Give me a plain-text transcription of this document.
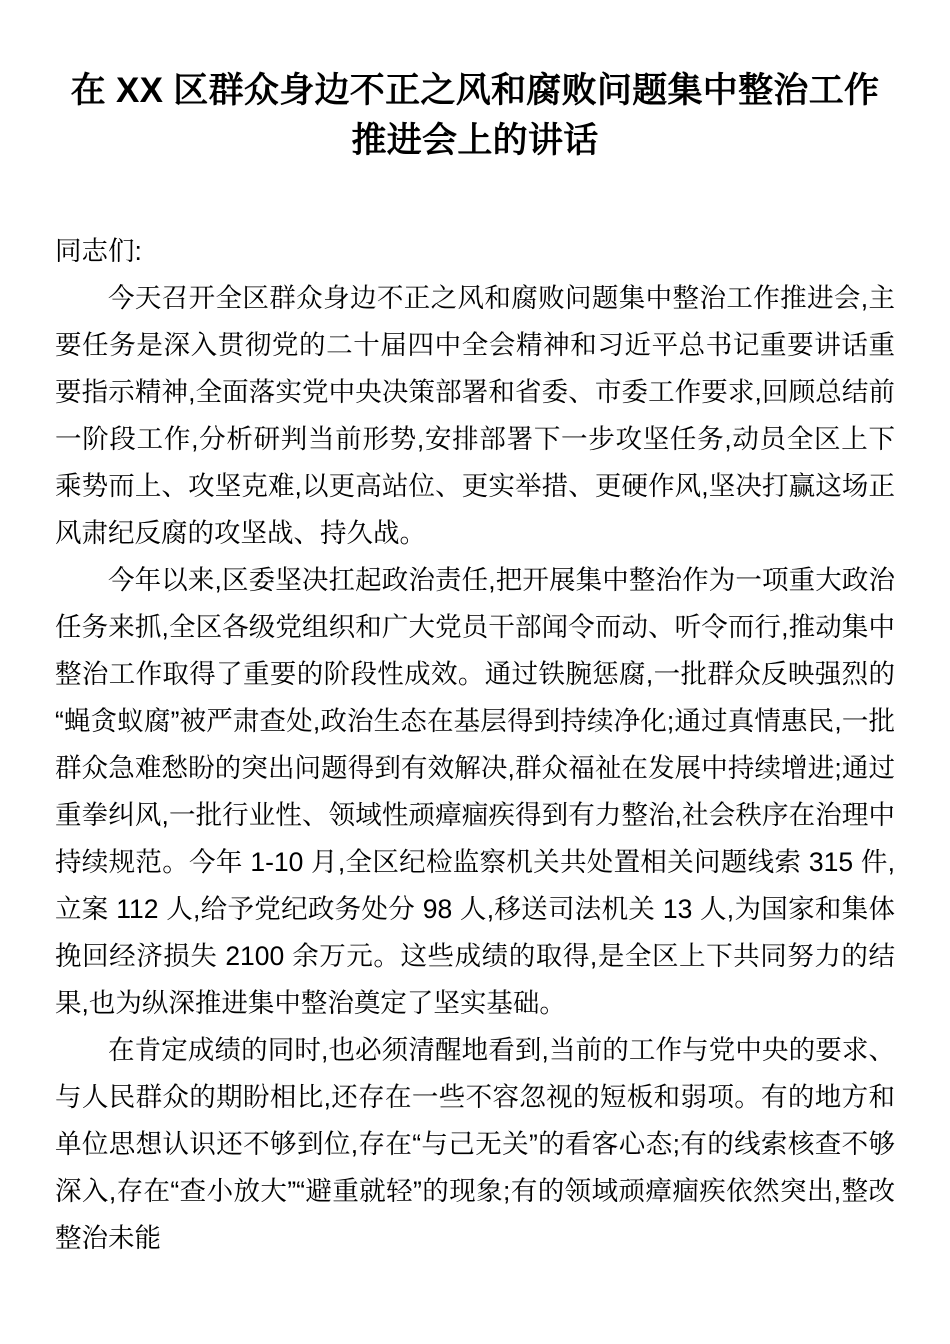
在 XX 区群众身边不正之风和腐败问题集中整治工作推进会上的讲话

同志们:

今天召开全区群众身边不正之风和腐败问题集中整治工作推进会,主要任务是深入贯彻党的二十届四中全会精神和习近平总书记重要讲话重要指示精神,全面落实党中央决策部署和省委、市委工作要求,回顾总结前一阶段工作,分析研判当前形势,安排部署下一步攻坚任务,动员全区上下乘势而上、攻坚克难,以更高站位、更实举措、更硬作风,坚决打赢这场正风肃纪反腐的攻坚战、持久战。

今年以来,区委坚决扛起政治责任,把开展集中整治作为一项重大政治任务来抓,全区各级党组织和广大党员干部闻令而动、听令而行,推动集中整治工作取得了重要的阶段性成效。通过铁腕惩腐,一批群众反映强烈的“蝇贪蚁腐”被严肃查处,政治生态在基层得到持续净化;通过真情惠民,一批群众急难愁盼的突出问题得到有效解决,群众福祉在发展中持续增进;通过重拳纠风,一批行业性、领域性顽瘴痼疾得到有力整治,社会秩序在治理中持续规范。今年 1-10 月,全区纪检监察机关共处置相关问题线索 315 件,立案 112 人,给予党纪政务处分 98 人,移送司法机关 13 人,为国家和集体挽回经济损失 2100 余万元。这些成绩的取得,是全区上下共同努力的结果,也为纵深推进集中整治奠定了坚实基础。

在肯定成绩的同时,也必须清醒地看到,当前的工作与党中央的要求、与人民群众的期盼相比,还存在一些不容忽视的短板和弱项。有的地方和单位思想认识还不够到位,存在“与己无关”的看客心态;有的线索核查不够深入,存在“查小放大”“避重就轻”的现象;有的领域顽瘴痼疾依然突出,整改整治未能
